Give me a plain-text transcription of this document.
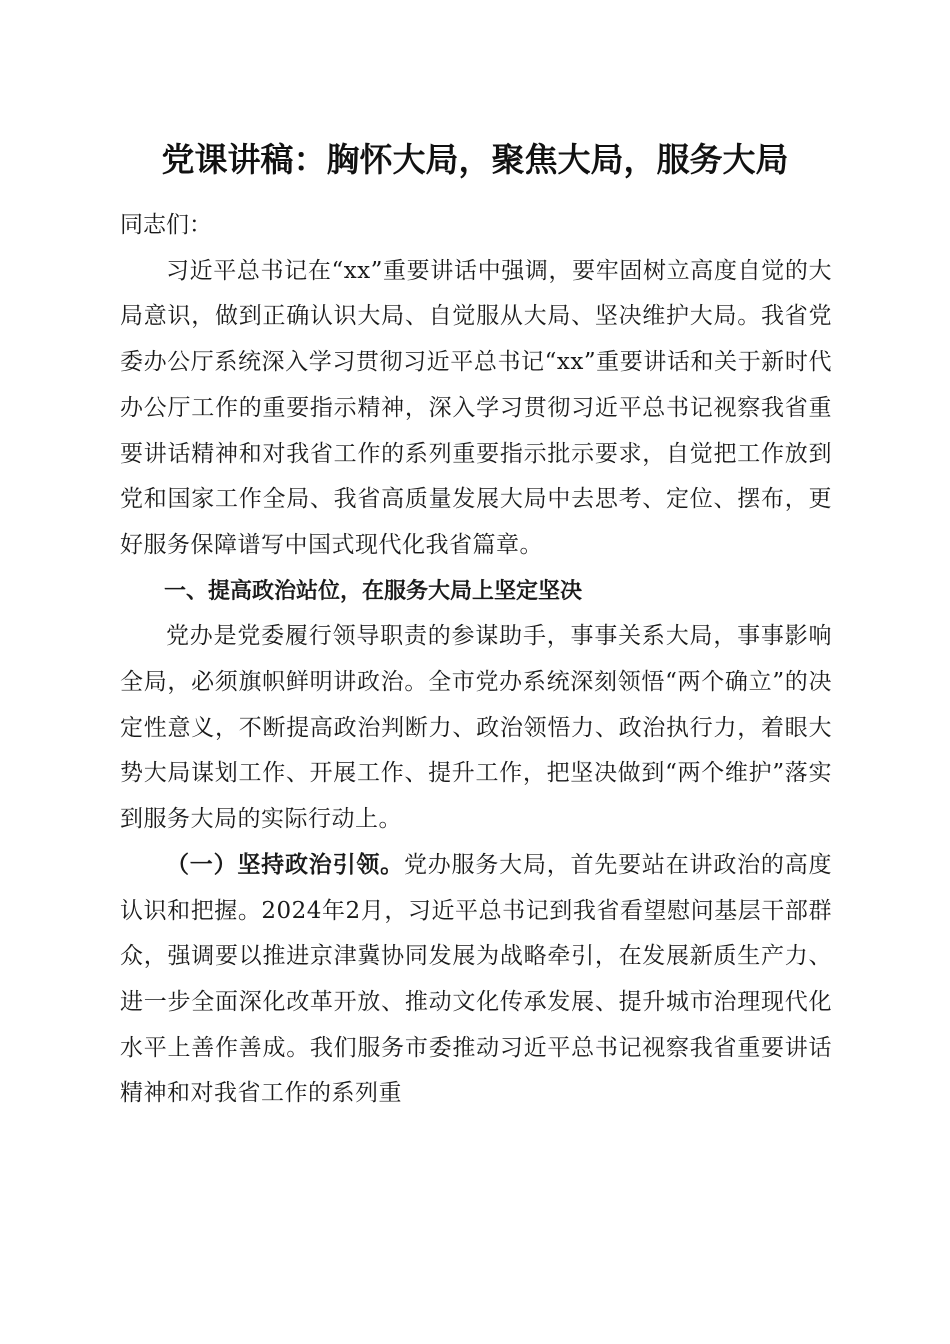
党课讲稿：胸怀大局，聚焦大局，服务大局

同志们：

习近平总书记在“xx”重要讲话中强调，要牢固树立高度自觉的大局意识，做到正确认识大局、自觉服从大局、坚决维护大局。我省党委办公厅系统深入学习贯彻习近平总书记“xx”重要讲话和关于新时代办公厅工作的重要指示精神，深入学习贯彻习近平总书记视察我省重要讲话精神和对我省工作的系列重要指示批示要求，自觉把工作放到党和国家工作全局、我省高质量发展大局中去思考、定位、摆布，更好服务保障谱写中国式现代化我省篇章。

一、提高政治站位，在服务大局上坚定坚决

党办是党委履行领导职责的参谋助手，事事关系大局，事事影响全局，必须旗帜鲜明讲政治。全市党办系统深刻领悟“两个确立”的决定性意义，不断提高政治判断力、政治领悟力、政治执行力，着眼大势大局谋划工作、开展工作、提升工作，把坚决做到“两个维护”落实到服务大局的实际行动上。

（一）坚持政治引领。党办服务大局，首先要站在讲政治的高度认识和把握。2024年2月，习近平总书记到我省看望慰问基层干部群众，强调要以推进京津冀协同发展为战略牵引，在发展新质生产力、进一步全面深化改革开放、推动文化传承发展、提升城市治理现代化水平上善作善成。我们服务市委推动习近平总书记视察我省重要讲话精神和对我省工作的系列重
